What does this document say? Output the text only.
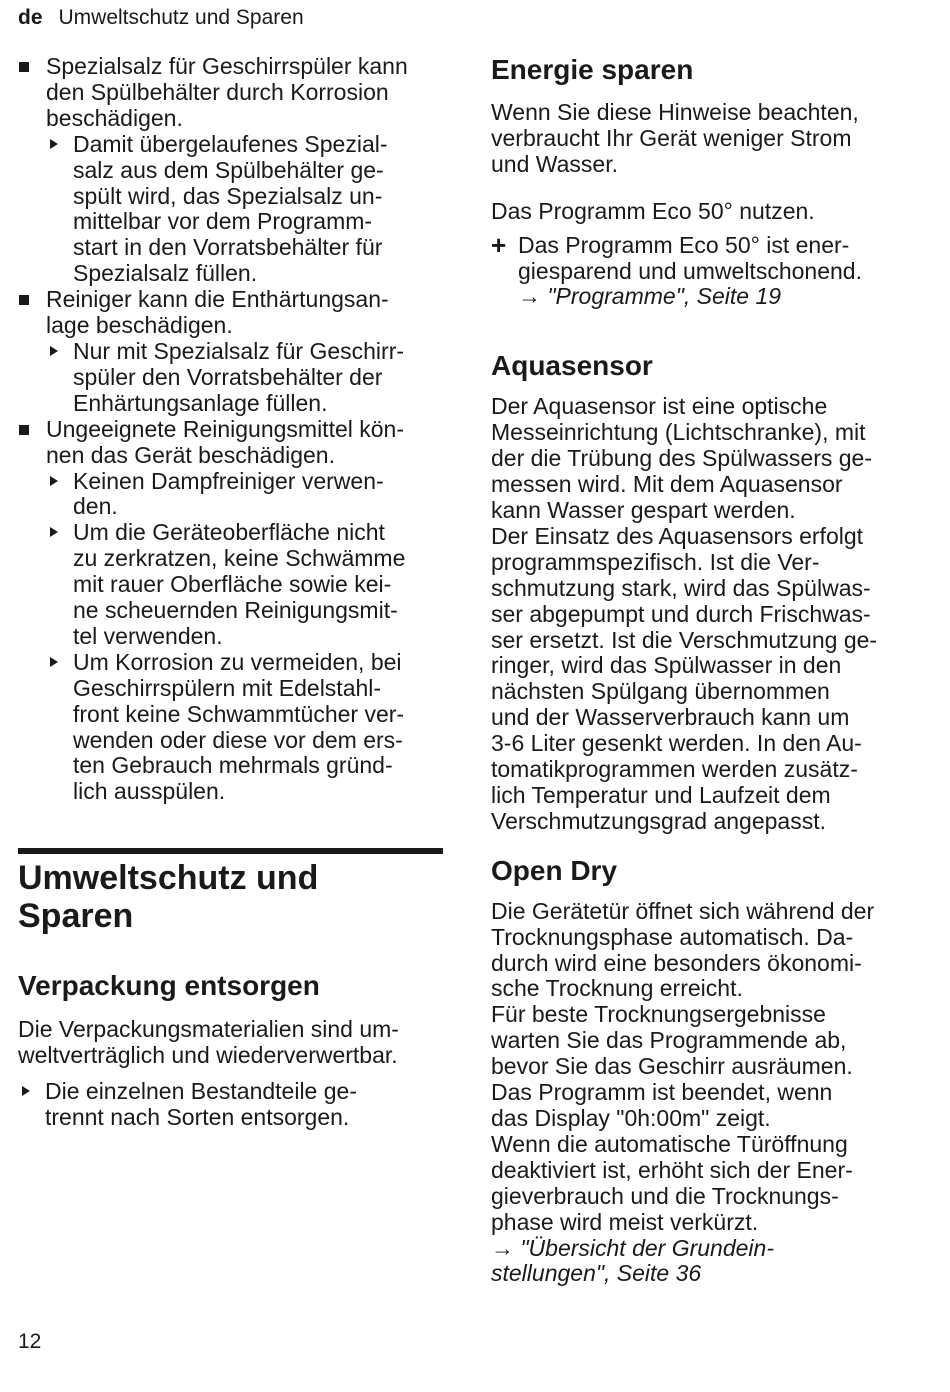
de Umweltschutz und Sparen
Spezialsalz für Geschirrspüler kann
den Spülbehälter durch Korrosion
beschädigen.
Damit übergelaufenes Spezial-
salz aus dem Spülbehälter ge-
spült wird, das Spezialsalz un-
mittelbar vor dem Programm-
start in den Vorratsbehälter für
Spezialsalz füllen.
Reiniger kann die Enthärtungsan-
lage beschädigen.
Nur mit Spezialsalz für Geschirr-
spüler den Vorratsbehälter der
Enhärtungsanlage füllen.
Ungeeignete Reinigungsmittel kön-
nen das Gerät beschädigen.
Keinen Dampfreiniger verwen-
den.
Um die Geräteoberfläche nicht
zu zerkratzen, keine Schwämme
mit rauer Oberfläche sowie kei-
ne scheuernden Reinigungsmit-
tel verwenden.
Um Korrosion zu vermeiden, bei
Geschirrspülern mit Edelstahl-
front keine Schwammtücher ver-
wenden oder diese vor dem ers-
ten Gebrauch mehrmals gründ-
lich ausspülen.
Umweltschutz und
Sparen
Verpackung entsorgen
Die Verpackungsmaterialien sind um-
weltverträglich und wiederverwertbar.
Die einzelnen Bestandteile ge-
trennt nach Sorten entsorgen.
Energie sparen
Wenn Sie diese Hinweise beachten,
verbraucht Ihr Gerät weniger Strom
und Wasser.
Das Programm Eco 50° nutzen.
+ Das Programm Eco 50° ist ener-
giesparend und umweltschonend.
→ "Programme", Seite 19
Aquasensor
Der Aquasensor ist eine optische
Messeinrichtung (Lichtschranke), mit
der die Trübung des Spülwassers ge-
messen wird. Mit dem Aquasensor
kann Wasser gespart werden.
Der Einsatz des Aquasensors erfolgt
programmspezifisch. Ist die Ver-
schmutzung stark, wird das Spülwas-
ser abgepumpt und durch Frischwas-
ser ersetzt. Ist die Verschmutzung ge-
ringer, wird das Spülwasser in den
nächsten Spülgang übernommen
und der Wasserverbrauch kann um
3-6 Liter gesenkt werden. In den Au-
tomatikprogrammen werden zusätz-
lich Temperatur und Laufzeit dem
Verschmutzungsgrad angepasst.
Open Dry
Die Gerätetür öffnet sich während der
Trocknungsphase automatisch. Da-
durch wird eine besonders ökonomi-
sche Trocknung erreicht.
Für beste Trocknungsergebnisse
warten Sie das Programmende ab,
bevor Sie das Geschirr ausräumen.
Das Programm ist beendet, wenn
das Display "0h:00m" zeigt.
Wenn die automatische Türöffnung
deaktiviert ist, erhöht sich der Ener-
gieverbrauch und die Trocknungs-
phase wird meist verkürzt.
→ "Übersicht der Grundein-
stellungen", Seite 36
12
